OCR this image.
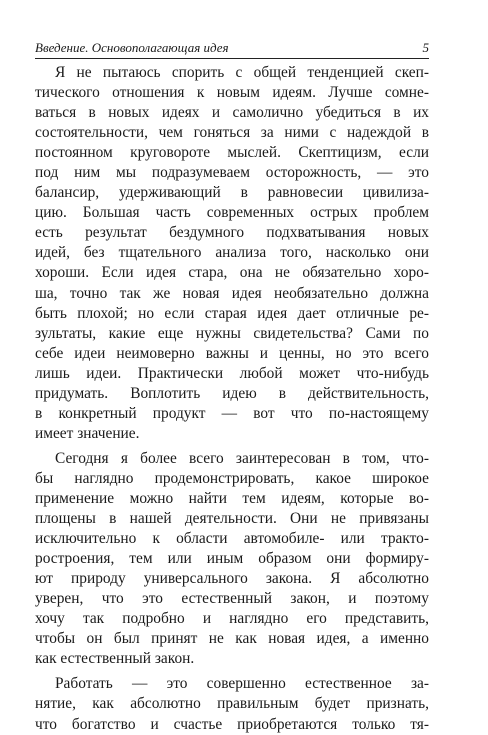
Введение. Основополагающая идея	5
Я не пытаюсь спорить с общей тенденцией скеп-
тического отношения к новым идеям. Лучше сомне-
ваться в новых идеях и самолично убедиться в их
состоятельности, чем гоняться за ними с надеждой в
постоянном круговороте мыслей. Скептицизм, если
под ним мы подразумеваем осторожность, — это
балансир, удерживающий в равновесии цивилиза-
цию. Большая часть современных острых проблем
есть результат бездумного подхватывания новых
идей, без тщательного анализа того, насколько они
хороши. Если идея стара, она не обязательно хоро-
ша, точно так же новая идея необязательно должна
быть плохой; но если старая идея дает отличные ре-
зультаты, какие еще нужны свидетельства? Сами по
себе идеи неимоверно важны и ценны, но это всего
лишь идеи. Практически любой может что-нибудь
придумать. Воплотить идею в действительность,
в конкретный продукт — вот что по-настоящему
имеет значение.
Сегодня я более всего заинтересован в том, что-
бы наглядно продемонстрировать, какое широкое
применение можно найти тем идеям, которые во-
площены в нашей деятельности. Они не привязаны
исключительно к области автомобиле- или тракто-
ростроения, тем или иным образом они формиру-
ют природу универсального закона. Я абсолютно
уверен, что это естественный закон, и поэтому
хочу так подробно и наглядно его представить,
чтобы он был принят не как новая идея, а именно
как естественный закон.
Работать — это совершенно естественное за-
нятие, как абсолютно правильным будет признать,
что богатство и счастье приобретаются только тя-
